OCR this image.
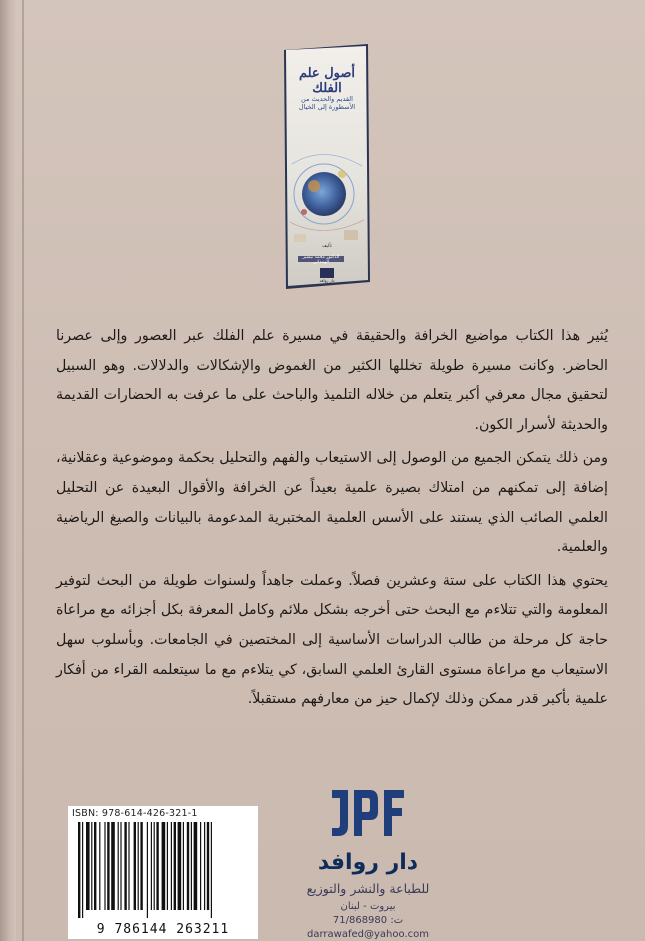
أصول علم الفلك
القديم والحديث من الأسطورة إلى الخيال
تأليف
الدكتور محمد تيسير الهمداني
دار روافد

يُثير هذا الكتاب مواضيع الخرافة والحقيقة في مسيرة علم الفلك عبر العصور وإلى عصرنا الحاضر. وكانت مسيرة طويلة تخللها الكثير من الغموض والإشكالات والدلالات. وهو السبيل لتحقيق مجال معرفي أكبر يتعلم من خلاله التلميذ والباحث على ما عرفت به الحضارات القديمة والحديثة لأسرار الكون.

ومن ذلك يتمكن الجميع من الوصول إلى الاستيعاب والفهم والتحليل بحكمة وموضوعية وعقلانية، إضافة إلى تمكنهم من امتلاك بصيرة علمية بعيداً عن الخرافة والأقوال البعيدة عن التحليل العلمي الصائب الذي يستند على الأسس العلمية المختبرية المدعومة بالبيانات والصيغ الرياضية والعلمية.

يحتوي هذا الكتاب على ستة وعشرين فصلاً. وعملت جاهداً ولسنوات طويلة من البحث لتوفير المعلومة والتي تتلاءم مع البحث حتى أخرجه بشكل ملائم وكامل المعرفة بكل أجزائه مع مراعاة حاجة كل مرحلة من طالب الدراسات الأساسية إلى المختصين في الجامعات. وبأسلوب سهل الاستيعاب مع مراعاة مستوى القارئ العلمي السابق، كي يتلاءم مع ما سيتعلمه القراء من أفكار علمية بأكبر قدر ممكن وذلك لإكمال حيز من معارفهم مستقبلاً.

ISBN: 978-614-426-321-1
9 786144 263211
دار روافد
للطباعة والنشر والتوزيع
بيروت - لبنان
ت: 71/868980
darrawafed@yahoo.com
